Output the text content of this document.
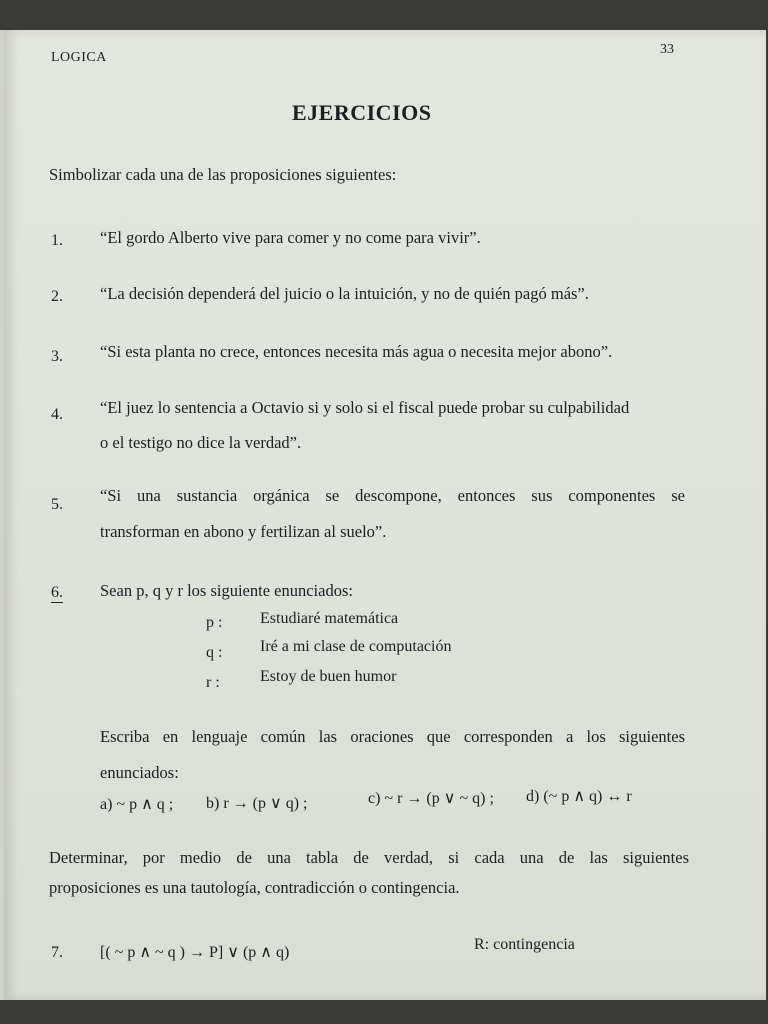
LOGICA
33
EJERCICIOS
Simbolizar cada una de las proposiciones siguientes:
1. “El gordo Alberto vive para comer y no come para vivir”.
2. “La decisión dependerá del juicio o la intuición, y no de quién pagó más”.
3. “Si esta planta no crece, entonces necesita más agua o necesita mejor abono”.
4. “El juez lo sentencia a Octavio si y solo si el fiscal puede probar su culpabilidad
o el testigo no dice la verdad”.
5. “Si una sustancia orgánica se descompone, entonces sus componentes se
transforman en abono y fertilizan al suelo”.
6. Sean p, q y r los siguiente enunciados:
p : Estudiaré matemática
q : Iré a mi clase de computación
r :	Estoy de buen humor
Escriba en lenguaje común las oraciones que corresponden a los siguientes
enunciados:
a) ~ p ∧ q ; b) r → (p ∨ q) ;	c) ~ r → (p ∨ ~ q) ; d) (~ p ∧ q) ↔ r
Determinar, por medio de una tabla de verdad, si cada una de las siguientes
proposiciones es una tautología, contradicción o contingencia.
7. [( ~ p ∧ ~ q ) → P] ∨ (p ∧ q)	R: contingencia
